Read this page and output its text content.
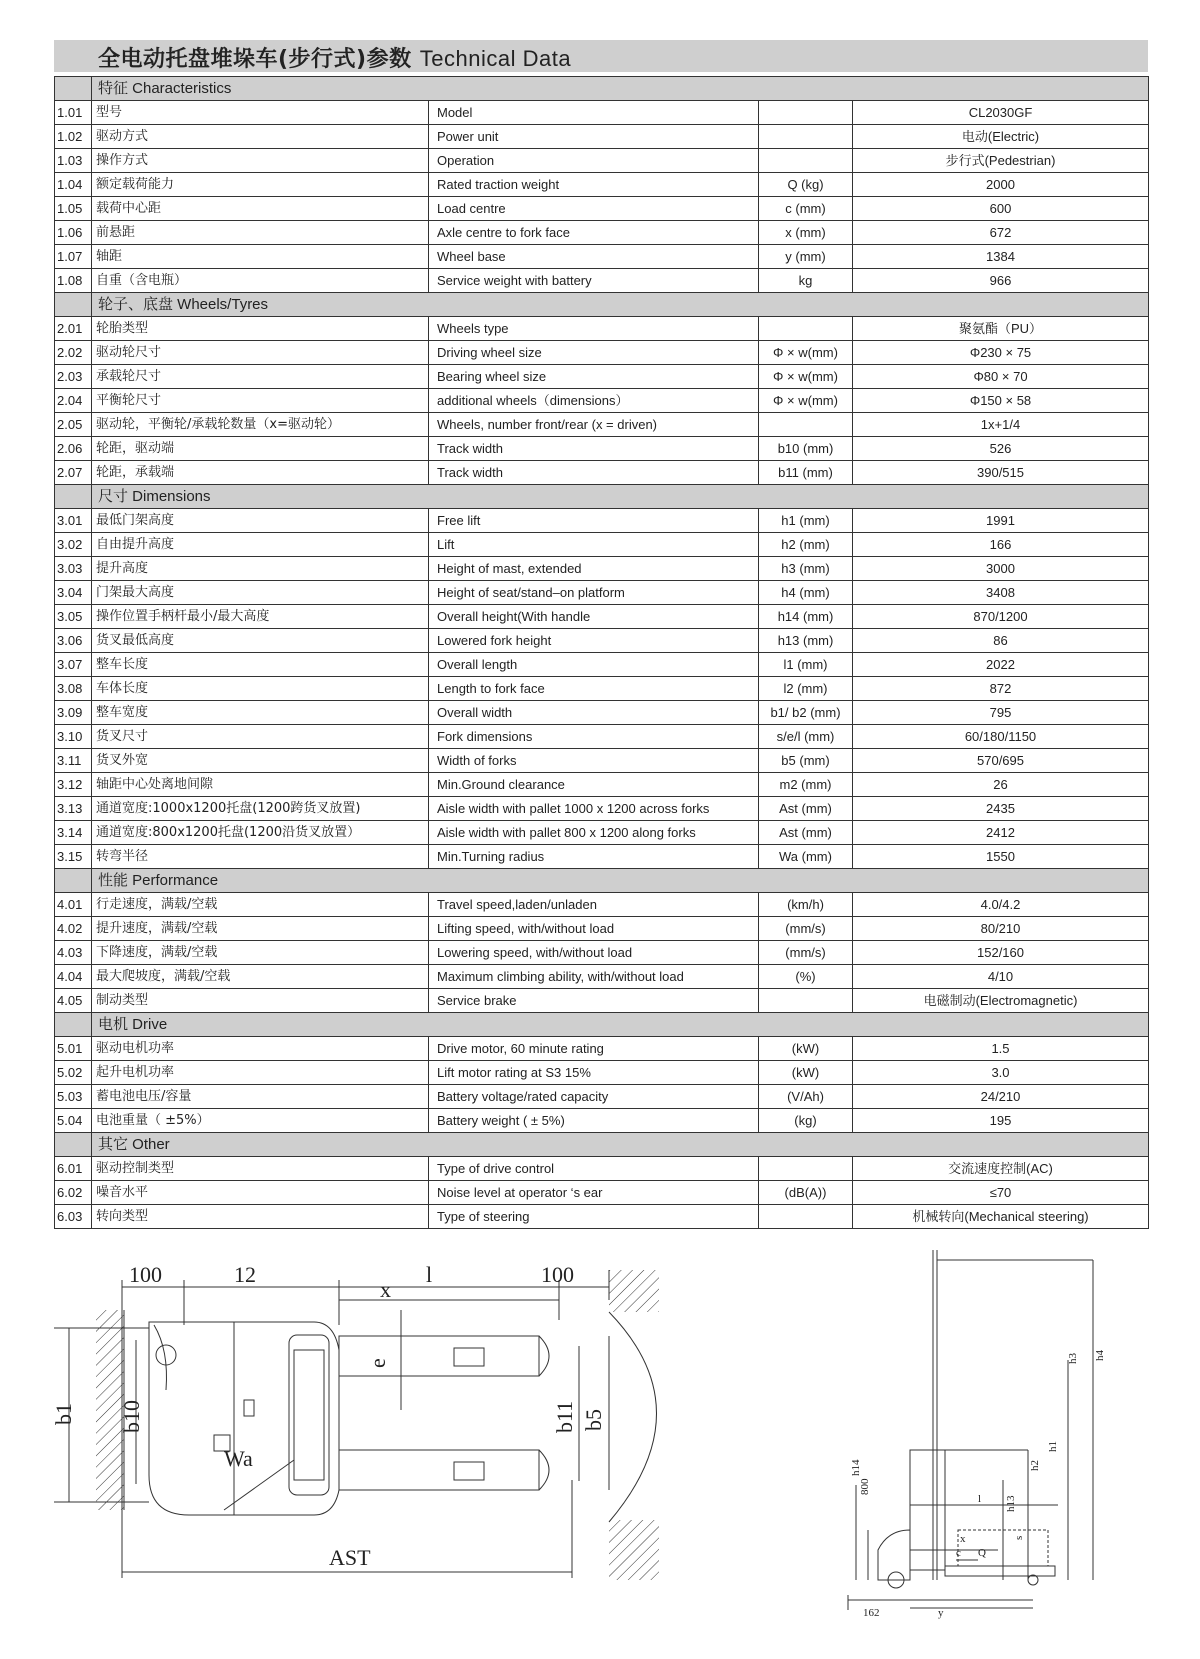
全电动托盘堆垛车(步行式)参数 Technical Data
	特征 Characteristics			
1.01	型号	Model		CL2030GF
1.02	驱动方式	Power unit		电动(Electric)
1.03	操作方式	Operation		步行式(Pedestrian)
1.04	额定载荷能力	Rated traction weight	Q (kg)	2000
1.05	载荷中心距	Load centre	c (mm)	600
1.06	前悬距	Axle centre to fork face	x (mm)	672
1.07	轴距	Wheel base	y (mm)	1384
1.08	自重（含电瓶）	Service weight with battery	kg	966
	轮子、底盘 Wheels/Tyres			
2.01	轮胎类型	Wheels type		聚氨酯（PU）
2.02	驱动轮尺寸	Driving wheel size	Φ × w(mm)	Φ230 × 75
2.03	承载轮尺寸	Bearing wheel size	Φ × w(mm)	Φ80 × 70
2.04	平衡轮尺寸	additional wheels（dimensions）	Φ × w(mm)	Φ150 × 58
2.05	驱动轮，平衡轮/承载轮数量（x=驱动轮）	Wheels, number front/rear (x = driven)		1x+1/4
2.06	轮距，驱动端	Track width	b10 (mm)	526
2.07	轮距，承载端	Track width	b11 (mm)	390/515
	尺寸 Dimensions			
3.01	最低门架高度	Free lift	h1 (mm)	1991
3.02	自由提升高度	Lift	h2 (mm)	166
3.03	提升高度	Height of mast, extended	h3 (mm)	3000
3.04	门架最大高度	Height of seat/stand–on platform	h4 (mm)	3408
3.05	操作位置手柄杆最小/最大高度	Overall height(With handle	h14 (mm)	870/1200
3.06	货叉最低高度	Lowered fork height	h13 (mm)	86
3.07	整车长度	Overall length	l1 (mm)	2022
3.08	车体长度	Length to fork face	l2 (mm)	872
3.09	整车宽度	Overall width	b1/ b2 (mm)	795
3.10	货叉尺寸	Fork dimensions	s/e/l (mm)	60/180/1150
3.11	货叉外宽	Width of forks	b5 (mm)	570/695
3.12	轴距中心处离地间隙	Min.Ground clearance	m2 (mm)	26
3.13	通道宽度:1000x1200托盘(1200跨货叉放置)	Aisle width with pallet 1000 x 1200 across forks	Ast (mm)	2435
3.14	通道宽度:800x1200托盘(1200沿货叉放置）	Aisle width with pallet 800 x 1200 along forks	Ast (mm)	2412
3.15	转弯半径	Min.Turning radius	Wa (mm)	1550
	性能 Performance			
4.01	行走速度，满载/空载	Travel speed,laden/unladen	(km/h)	4.0/4.2
4.02	提升速度，满载/空载	Lifting speed, with/without load	(mm/s)	80/210
4.03	下降速度，满载/空载	Lowering speed, with/without load	(mm/s)	152/160
4.04	最大爬坡度，满载/空载	Maximum climbing ability, with/without load	(%)	4/10
4.05	制动类型	Service brake		电磁制动(Electromagnetic)
	电机 Drive			
5.01	驱动电机功率	Drive motor, 60 minute rating	(kW)	1.5
5.02	起升电机功率	Lift motor rating at S3 15%	(kW)	3.0
5.03	蓄电池电压/容量	Battery voltage/rated capacity	(V/Ah)	24/210
5.04	电池重量（ ±5%）	Battery weight ( ± 5%)	(kg)	195
	其它 Other			
6.01	驱动控制类型	Type of drive control		交流速度控制(AC)
6.02	噪音水平	Noise level at operator ‘s ear	(dB(A))	≤70
6.03	转向类型	Type of steering		机械转向(Mechanical steering)
100	12	l	100
x
e
b1 b10	b11 b5
Wa
AST
h4
h3
h1
h2
h13
h14
800
l
x
c Q
s
y
162
